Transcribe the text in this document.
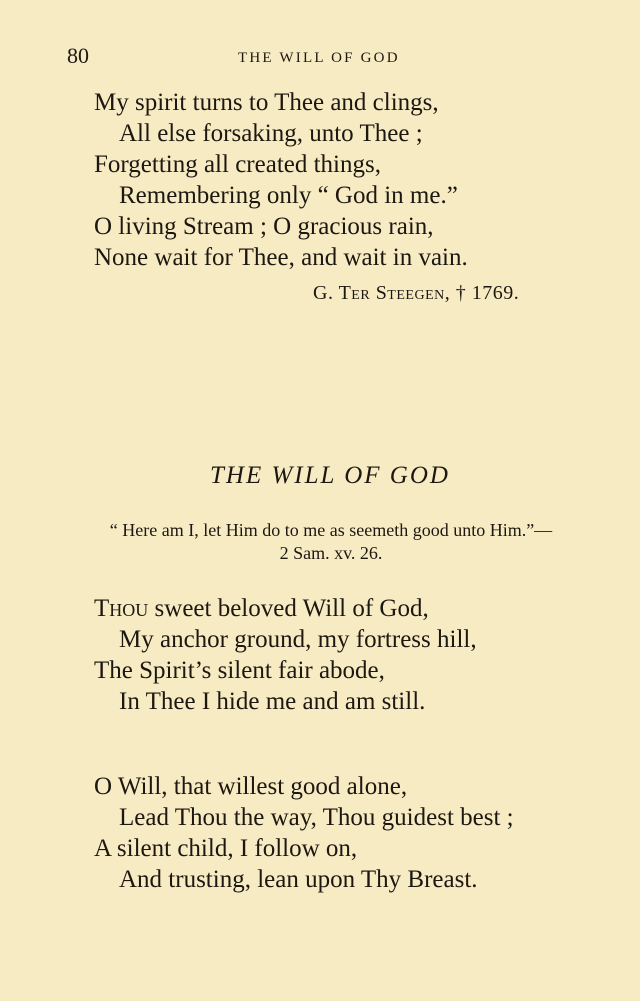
80	THE WILL OF GOD
My spirit turns to Thee and clings,
All else forsaking, unto Thee ;
Forgetting all created things,
Remembering only “ God in me.”
O living Stream ; O gracious rain,
None wait for Thee, and wait in vain.
G. Ter Steegen, † 1769.
THE WILL OF GOD
“ Here am I, let Him do to me as seemeth good unto Him.”—2 Sam. xv. 26.
Thou sweet beloved Will of God,
My anchor ground, my fortress hill,
The Spirit’s silent fair abode,
In Thee I hide me and am still.
O Will, that willest good alone,
Lead Thou the way, Thou guidest best ;
A silent child, I follow on,
And trusting, lean upon Thy Breast.
